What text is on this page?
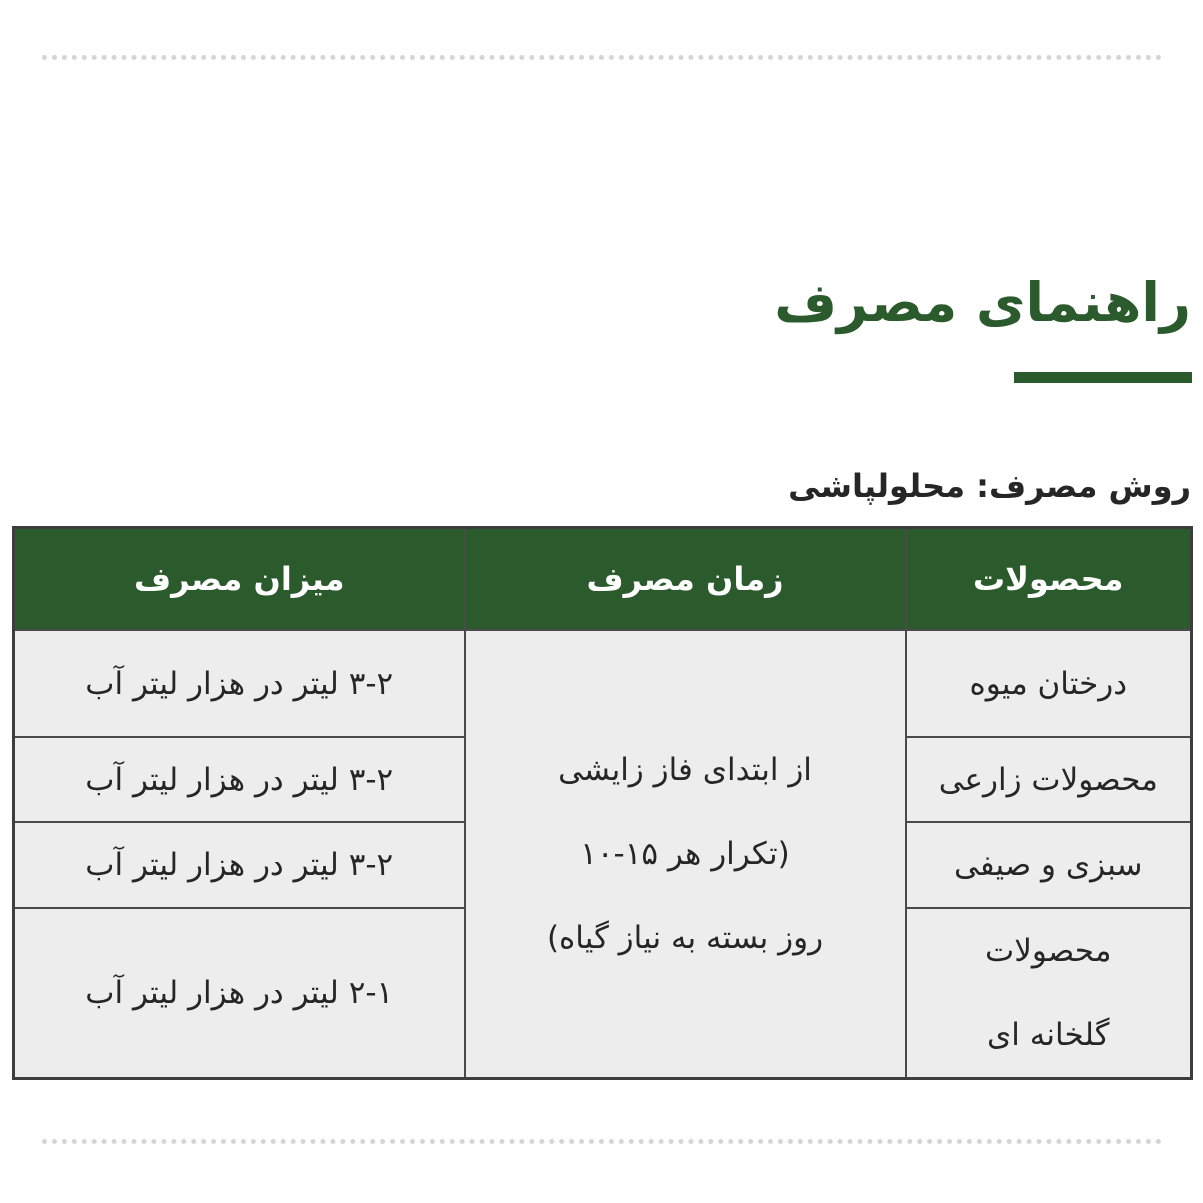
راهنمای مصرف
روش مصرف: محلولپاشی
محصولات	زمان مصرف	میزان مصرف
درختان میوه	از ابتدای فاز زایشی
(تکرار هر ۱۵-۱۰
روز بسته به نیاز گیاه)	۳-۲ لیتر در هزار لیتر آب
محصولات زارعی		۳-۲ لیتر در هزار لیتر آب
سبزی و صیفی		۳-۲ لیتر در هزار لیتر آب

محصولات
گلخانه ای		۲-۱ لیتر در هزار لیتر آب
